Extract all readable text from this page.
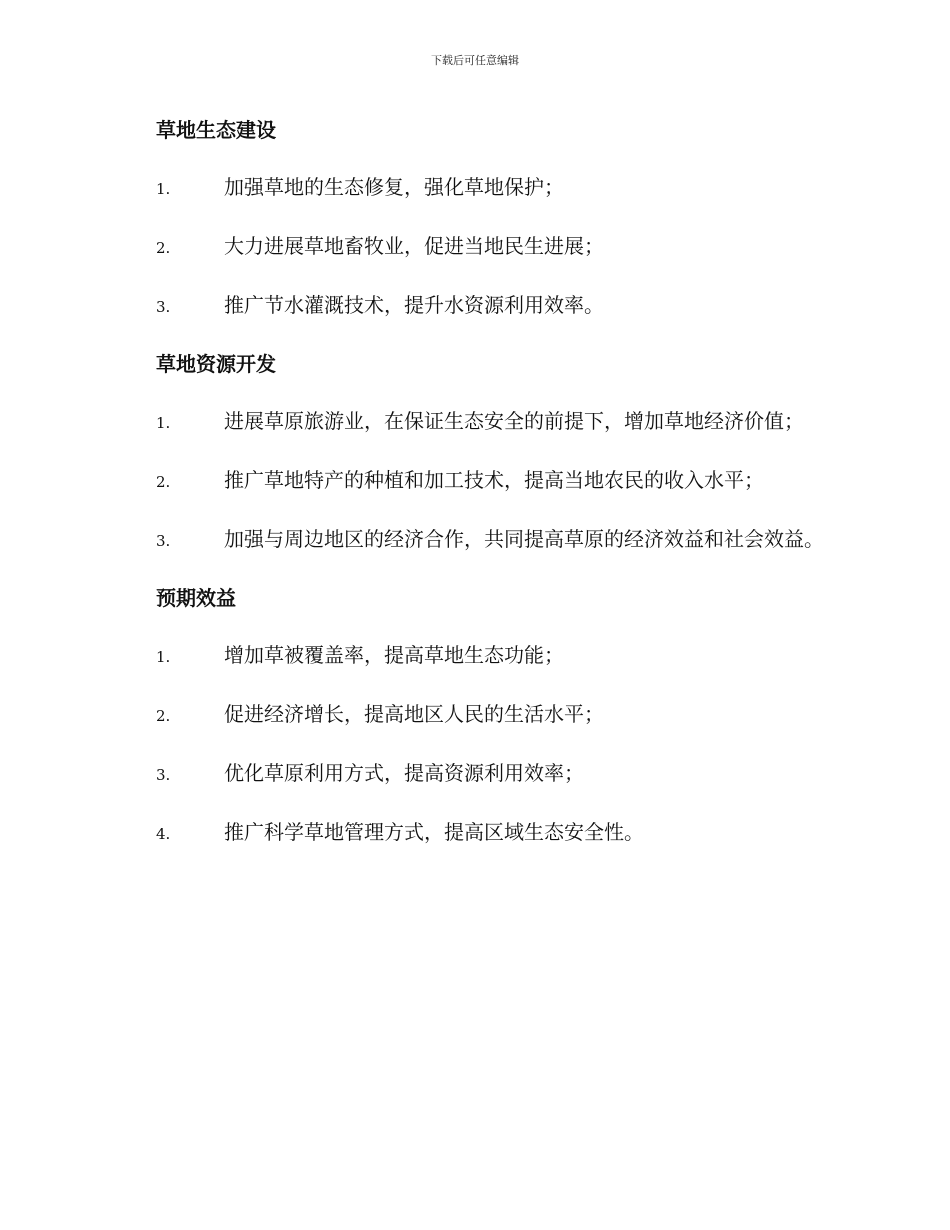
下载后可任意编辑
草地生态建设
1.	加强草地的生态修复，强化草地保护；
2.	大力进展草地畜牧业，促进当地民生进展；
3.	推广节水灌溉技术，提升水资源利用效率。
草地资源开发
1.	进展草原旅游业，在保证生态安全的前提下，增加草地经济价值；
2.	推广草地特产的种植和加工技术，提高当地农民的收入水平；
3.	加强与周边地区的经济合作，共同提高草原的经济效益和社会效益。
预期效益
1.	增加草被覆盖率，提高草地生态功能；
2.	促进经济增长，提高地区人民的生活水平；
3.	优化草原利用方式，提高资源利用效率；
4.	推广科学草地管理方式，提高区域生态安全性。
